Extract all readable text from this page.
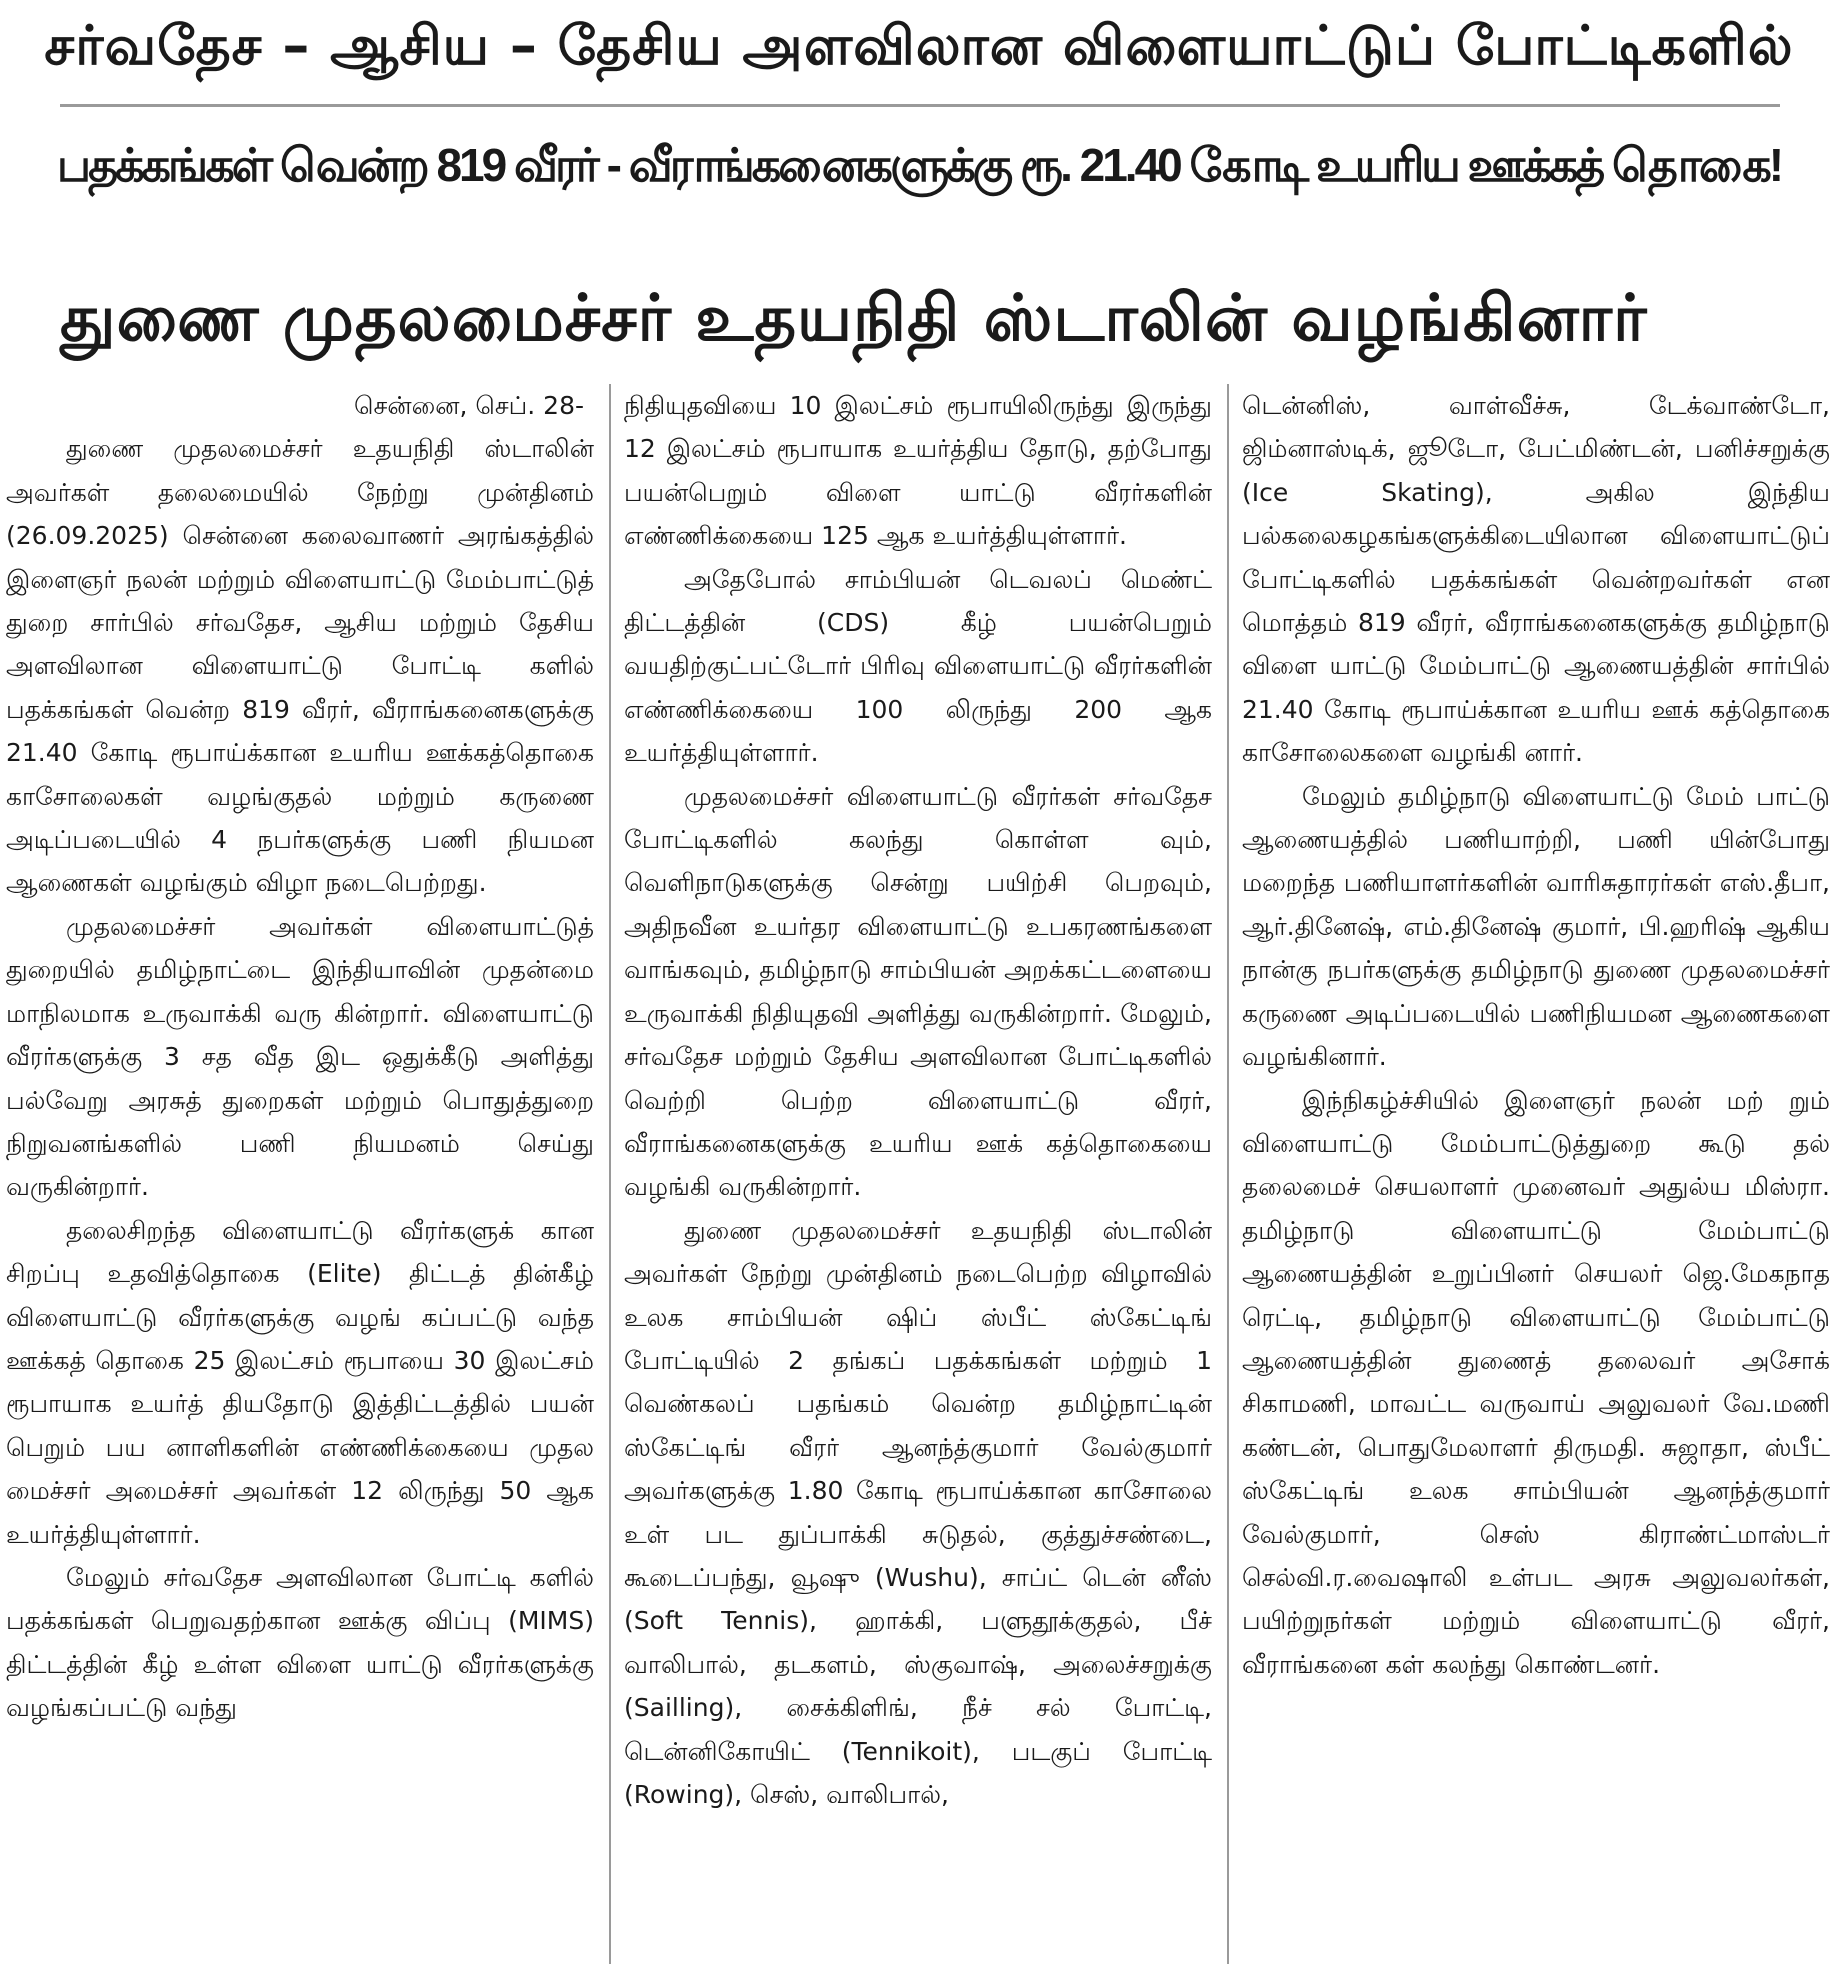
சர்வதேச – ஆசிய – தேசிய அளவிலான விளையாட்டுப் போட்டிகளில்
பதக்கங்கள் வென்ற 819 வீரர் - வீராங்கனைகளுக்கு ரூ. 21.40 கோடி உயரிய ஊக்கத் தொகை!
துணை முதலமைச்சர் உதயநிதி ஸ்டாலின் வழங்கினார்

சென்னை, செப். 28-

துணை முதலமைச்சர் உதயநிதி ஸ்டாலின் அவர்கள் தலைமையில் நேற்று முன்தினம் (26.09.2025) சென்னை கலைவாணர் அரங்கத்தில் இளைஞர் நலன் மற்றும் விளையாட்டு மேம்பாட்டுத் துறை சார்பில் சர்வதேச, ஆசிய மற்றும் தேசிய அளவிலான விளையாட்டு போட்டி களில் பதக்கங்கள் வென்ற 819 வீரர், வீராங்கனைகளுக்கு 21.40 கோடி ரூபாய்க்கான உயரிய ஊக்கத்தொகை காசோலைகள் வழங்குதல் மற்றும் கருணை அடிப்படையில் 4 நபர்களுக்கு பணி நியமன ஆணைகள் வழங்கும் விழா நடைபெற்றது.

முதலமைச்சர் அவர்கள் விளையாட்டுத் துறையில் தமிழ்நாட்டை இந்தியாவின் முதன்மை மாநிலமாக உருவாக்கி வரு கின்றார். விளையாட்டு வீரர்களுக்கு 3 சத வீத இட ஒதுக்கீடு அளித்து பல்வேறு அரசுத் துறைகள் மற்றும் பொதுத்துறை நிறுவனங்களில் பணி நியமனம் செய்து வருகின்றார்.

தலைசிறந்த விளையாட்டு வீரர்களுக் கான சிறப்பு உதவித்தொகை (Elite) திட்டத் தின்கீழ் விளையாட்டு வீரர்களுக்கு வழங் கப்பட்டு வந்த ஊக்கத் தொகை 25 இலட்சம் ரூபாயை 30 இலட்சம் ரூபாயாக உயர்த் தியதோடு இத்திட்டத்தில் பயன் பெறும் பய னாளிகளின் எண்ணிக்கையை முதல மைச்சர் அமைச்சர் அவர்கள் 12 லிருந்து 50 ஆக உயர்த்தியுள்ளார்.

மேலும் சர்வதேச அளவிலான போட்டி களில் பதக்கங்கள் பெறுவதற்கான ஊக்கு விப்பு (MIMS) திட்டத்தின் கீழ் உள்ள விளை யாட்டு வீரர்களுக்கு வழங்கப்பட்டு வந்து

நிதியுதவியை 10 இலட்சம் ரூபாயிலிருந்து இருந்து 12 இலட்சம் ரூபாயாக உயர்த்திய தோடு, தற்போது பயன்பெறும் விளை யாட்டு வீரர்களின் எண்ணிக்கையை 125 ஆக உயர்த்தியுள்ளார்.

அதேபோல் சாம்பியன் டெவலப் மெண்ட் திட்டத்தின் (CDS) கீழ் பயன்பெறும் வயதிற்குட்பட்டோர் பிரிவு விளையாட்டு வீரர்களின் எண்ணிக்கையை 100 லிருந்து 200 ஆக உயர்த்தியுள்ளார்.

முதலமைச்சர் விளையாட்டு வீரர்கள் சர்வதேச போட்டிகளில் கலந்து கொள்ள வும், வெளிநாடுகளுக்கு சென்று பயிற்சி பெறவும், அதிநவீன உயர்தர விளையாட்டு உபகரணங்களை வாங்கவும், தமிழ்நாடு சாம்பியன் அறக்கட்டளையை உருவாக்கி நிதியுதவி அளித்து வருகின்றார். மேலும், சர்வதேச மற்றும் தேசிய அளவிலான போட்டிகளில் வெற்றி பெற்ற விளையாட்டு வீரர், வீராங்கனைகளுக்கு உயரிய ஊக் கத்தொகையை வழங்கி வருகின்றார்.

துணை முதலமைச்சர் உதயநிதி ஸ்டாலின் அவர்கள் நேற்று முன்தினம் நடைபெற்ற விழாவில் உலக சாம்பியன் ஷிப் ஸ்பீட் ஸ்கேட்டிங் போட்டியில் 2 தங்கப் பதக்கங்கள் மற்றும் 1 வெண்கலப் பதங்கம் வென்ற தமிழ்நாட்டின் ஸ்கேட்டிங் வீரர் ஆனந்த்குமார் வேல்குமார் அவர்களுக்கு 1.80 கோடி ரூபாய்க்கான காசோலை உள் பட துப்பாக்கி சுடுதல், குத்துச்சண்டை, கூடைப்பந்து, வூஷு (Wushu), சாப்ட் டென் னீஸ் (Soft Tennis), ஹாக்கி, பளுதூக்குதல், பீச் வாலிபால், தடகளம், ஸ்குவாஷ், அலைச்சறுக்கு (Sailling), சைக்கிளிங், நீச் சல் போட்டி, டென்னிகோயிட் (Tennikoit), படகுப் போட்டி (Rowing), செஸ், வாலிபால்,

டென்னிஸ், வாள்வீச்சு, டேக்வாண்டோ, ஜிம்னாஸ்டிக், ஜூடோ, பேட்மிண்டன், பனிச்சறுக்கு (Ice Skating), அகில இந்திய பல்கலைகழகங்களுக்கிடையிலான விளையாட்டுப் போட்டிகளில் பதக்கங்கள் வென்றவர்கள் என மொத்தம் 819 வீரர், வீராங்கனைகளுக்கு தமிழ்நாடு விளை யாட்டு மேம்பாட்டு ஆணையத்தின் சார்பில் 21.40 கோடி ரூபாய்க்கான உயரிய ஊக் கத்தொகை காசோலைகளை வழங்கி னார்.

மேலும் தமிழ்நாடு விளையாட்டு மேம் பாட்டு ஆணையத்தில் பணியாற்றி, பணி யின்போது மறைந்த பணியாளர்களின் வாரிசுதாரர்கள் எஸ்.தீபா, ஆர்.தினேஷ், எம்.தினேஷ் குமார், பி.ஹரிஷ் ஆகிய நான்கு நபர்களுக்கு தமிழ்நாடு துணை முதலமைச்சர் கருணை அடிப்படையில் பணிநியமன ஆணைகளை வழங்கினார்.

இந்நிகழ்ச்சியில் இளைஞர் நலன் மற் றும் விளையாட்டு மேம்பாட்டுத்துறை கூடு தல் தலைமைச் செயலாளர் முனைவர் அதுல்ய மிஸ்ரா. தமிழ்நாடு விளையாட்டு மேம்பாட்டு ஆணையத்தின் உறுப்பினர் செயலர் ஜெ.மேகநாத ரெட்டி, தமிழ்நாடு விளையாட்டு மேம்பாட்டு ஆணையத்தின் துணைத் தலைவர் அசோக் சிகாமணி, மாவட்ட வருவாய் அலுவலர் வே.மணி கண்டன், பொதுமேலாளர் திருமதி. சுஜாதா, ஸ்பீட் ஸ்கேட்டிங் உலக சாம்பியன் ஆனந்த்குமார் வேல்குமார், செஸ் கிராண்ட்மாஸ்டர் செல்வி.ர.வைஷாலி உள்பட அரசு அலுவலர்கள், பயிற்றுநர்கள் மற்றும் விளையாட்டு வீரர், வீராங்கனை கள் கலந்து கொண்டனர்.
